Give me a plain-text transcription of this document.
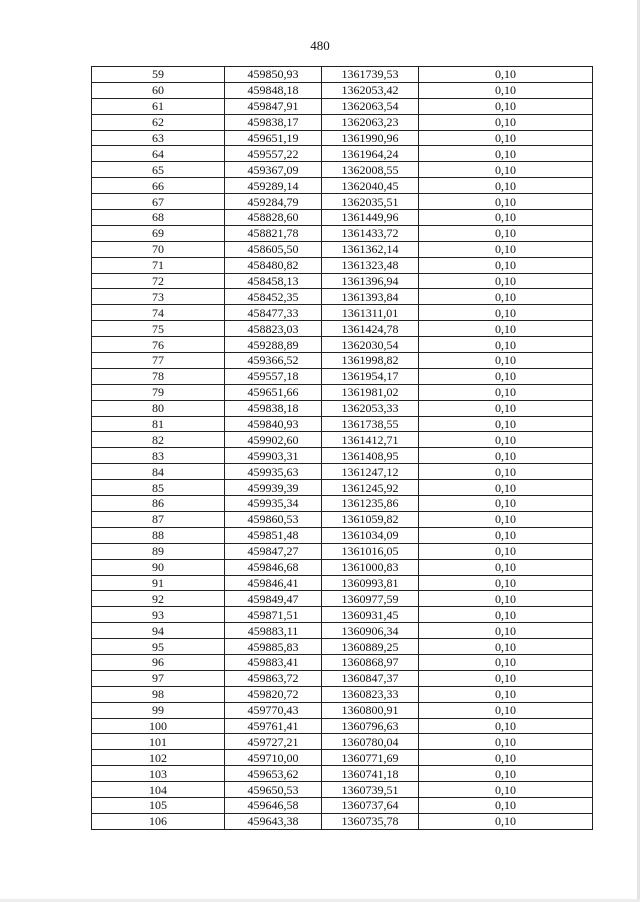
480
59	459850,93	1361739,53	0,10
60	459848,18	1362053,42	0,10
61	459847,91	1362063,54	0,10
62	459838,17	1362063,23	0,10
63	459651,19	1361990,96	0,10
64	459557,22	1361964,24	0,10
65	459367,09	1362008,55	0,10
66	459289,14	1362040,45	0,10
67	459284,79	1362035,51	0,10
68	458828,60	1361449,96	0,10
69	458821,78	1361433,72	0,10
70	458605,50	1361362,14	0,10
71	458480,82	1361323,48	0,10
72	458458,13	1361396,94	0,10
73	458452,35	1361393,84	0,10
74	458477,33	1361311,01	0,10
75	458823,03	1361424,78	0,10
76	459288,89	1362030,54	0,10
77	459366,52	1361998,82	0,10
78	459557,18	1361954,17	0,10
79	459651,66	1361981,02	0,10
80	459838,18	1362053,33	0,10
81	459840,93	1361738,55	0,10
82	459902,60	1361412,71	0,10
83	459903,31	1361408,95	0,10
84	459935,63	1361247,12	0,10
85	459939,39	1361245,92	0,10
86	459935,34	1361235,86	0,10
87	459860,53	1361059,82	0,10
88	459851,48	1361034,09	0,10
89	459847,27	1361016,05	0,10
90	459846,68	1361000,83	0,10
91	459846,41	1360993,81	0,10
92	459849,47	1360977,59	0,10
93	459871,51	1360931,45	0,10
94	459883,11	1360906,34	0,10
95	459885,83	1360889,25	0,10
96	459883,41	1360868,97	0,10
97	459863,72	1360847,37	0,10
98	459820,72	1360823,33	0,10
99	459770,43	1360800,91	0,10
100	459761,41	1360796,63	0,10
101	459727,21	1360780,04	0,10
102	459710,00	1360771,69	0,10
103	459653,62	1360741,18	0,10
104	459650,53	1360739,51	0,10
105	459646,58	1360737,64	0,10
106	459643,38	1360735,78	0,10
